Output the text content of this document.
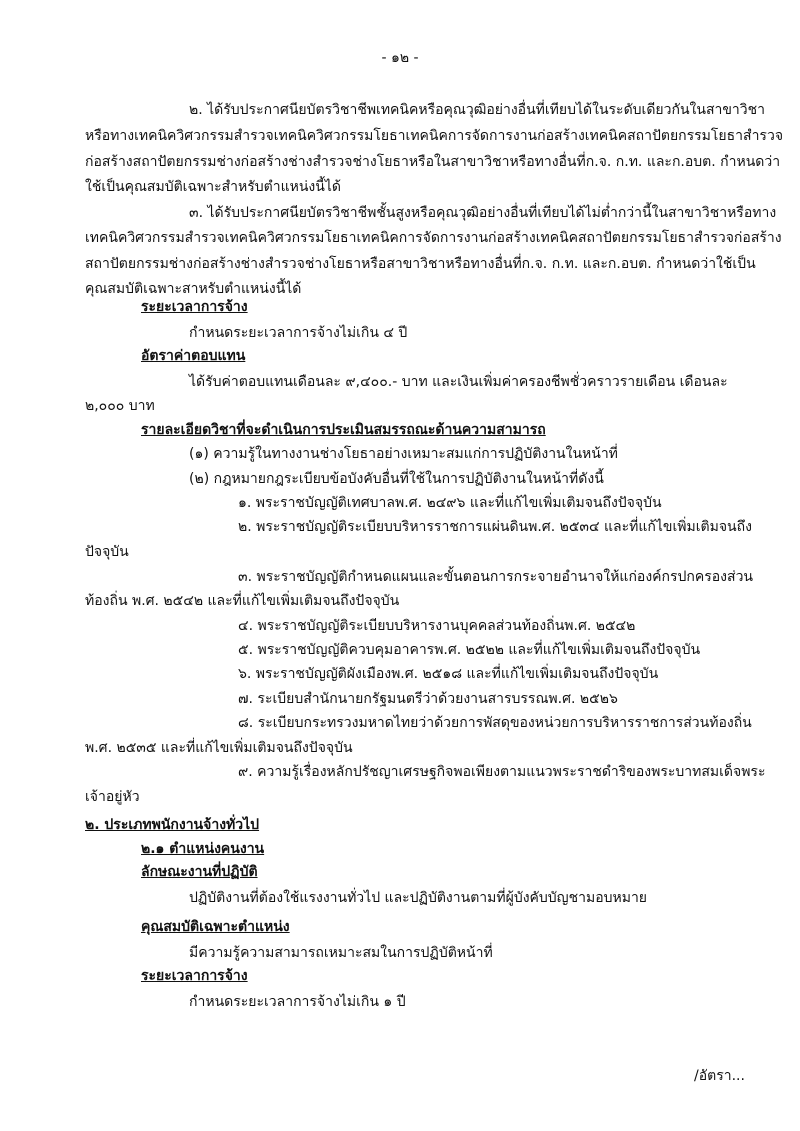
- ๑๒ -
๒. ได้รับประกาศนียบัตรวิชาชีพเทคนิคหรือคุณวุฒิอย่างอื่นที่เทียบได้ในระดับเดียวกันในสาขาวิชา
หรือทางเทคนิควิศวกรรมสำรวจเทคนิควิศวกรรมโยธาเทคนิคการจัดการงานก่อสร้างเทคนิคสถาปัตยกรรมโยธาสำรวจ
ก่อสร้างสถาปัตยกรรมช่างก่อสร้างช่างสำรวจช่างโยธาหรือในสาขาวิชาหรือทางอื่นที่ก.จ. ก.ท. และก.อบต. กำหนดว่า
ใช้เป็นคุณสมบัติเฉพาะสำหรับตำแหน่งนี้ได้
๓. ได้รับประกาศนียบัตรวิชาชีพชั้นสูงหรือคุณวุฒิอย่างอื่นที่เทียบได้ไม่ต่ำกว่านี้ในสาขาวิชาหรือทาง
เทคนิควิศวกรรมสำรวจเทคนิควิศวกรรมโยธาเทคนิคการจัดการงานก่อสร้างเทคนิคสถาปัตยกรรมโยธาสำรวจก่อสร้าง
สถาปัตยกรรมช่างก่อสร้างช่างสำรวจช่างโยธาหรือสาขาวิชาหรือทางอื่นที่ก.จ. ก.ท. และก.อบต. กำหนดว่าใช้เป็น
คุณสมบัติเฉพาะสาหรับตำแหน่งนี้ได้
ระยะเวลาการจ้าง
กำหนดระยะเวลาการจ้างไม่เกิน ๔ ปี
อัตราค่าตอบแทน
ได้รับค่าตอบแทนเดือนละ ๙,๔๐๐.- บาท และเงินเพิ่มค่าครองชีพชั่วคราวรายเดือน เดือนละ
๒,๐๐๐ บาท
รายละเอียดวิชาที่จะดำเนินการประเมินสมรรถณะด้านความสามารถ
(๑) ความรู้ในทางงานช่างโยธาอย่างเหมาะสมแก่การปฏิบัติงานในหน้าที่
(๒) กฎหมายกฎระเบียบข้อบังคับอื่นที่ใช้ในการปฏิบัติงานในหน้าที่ดังนี้
๑. พระราชบัญญัติเทศบาลพ.ศ. ๒๔๙๖ และที่แก้ไขเพิ่มเติมจนถึงปัจจุบัน
๒. พระราชบัญญัติระเบียบบริหารราชการแผ่นดินพ.ศ. ๒๕๓๔ และที่แก้ไขเพิ่มเติมจนถึง
ปัจจุบัน
๓. พระราชบัญญัติกำหนดแผนและขั้นตอนการกระจายอำนาจให้แก่องค์กรปกครองส่วน
ท้องถิ่น พ.ศ. ๒๕๔๒ และที่แก้ไขเพิ่มเติมจนถึงปัจจุบัน
๔. พระราชบัญญัติระเบียบบริหารงานบุคคลส่วนท้องถิ่นพ.ศ. ๒๕๔๒
๕. พระราชบัญญัติควบคุมอาคารพ.ศ. ๒๕๒๒ และที่แก้ไขเพิ่มเติมจนถึงปัจจุบัน
๖. พระราชบัญญัติผังเมืองพ.ศ. ๒๕๑๘ และที่แก้ไขเพิ่มเติมจนถึงปัจจุบัน
๗. ระเบียบสำนักนายกรัฐมนตรีว่าด้วยงานสารบรรณพ.ศ. ๒๕๒๖
๘. ระเบียบกระทรวงมหาดไทยว่าด้วยการพัสดุของหน่วยการบริหารราชการส่วนท้องถิ่น
พ.ศ. ๒๕๓๕ และที่แก้ไขเพิ่มเติมจนถึงปัจจุบัน
๙. ความรู้เรื่องหลักปรัชญาเศรษฐกิจพอเพียงตามแนวพระราชดำริของพระบาทสมเด็จพระ
เจ้าอยู่หัว
๒. ประเภทพนักงานจ้างทั่วไป
๒.๑ ตำแหน่งคนงาน
ลักษณะงานที่ปฏิบัติ
ปฏิบัติงานที่ต้องใช้แรงงานทั่วไป และปฏิบัติงานตามที่ผู้บังคับบัญชามอบหมาย
คุณสมบัติเฉพาะตำแหน่ง
มีความรู้ความสามารถเหมาะสมในการปฏิบัติหน้าที่
ระยะเวลาการจ้าง
กำหนดระยะเวลาการจ้างไม่เกิน ๑ ปี
/อัตรา...
